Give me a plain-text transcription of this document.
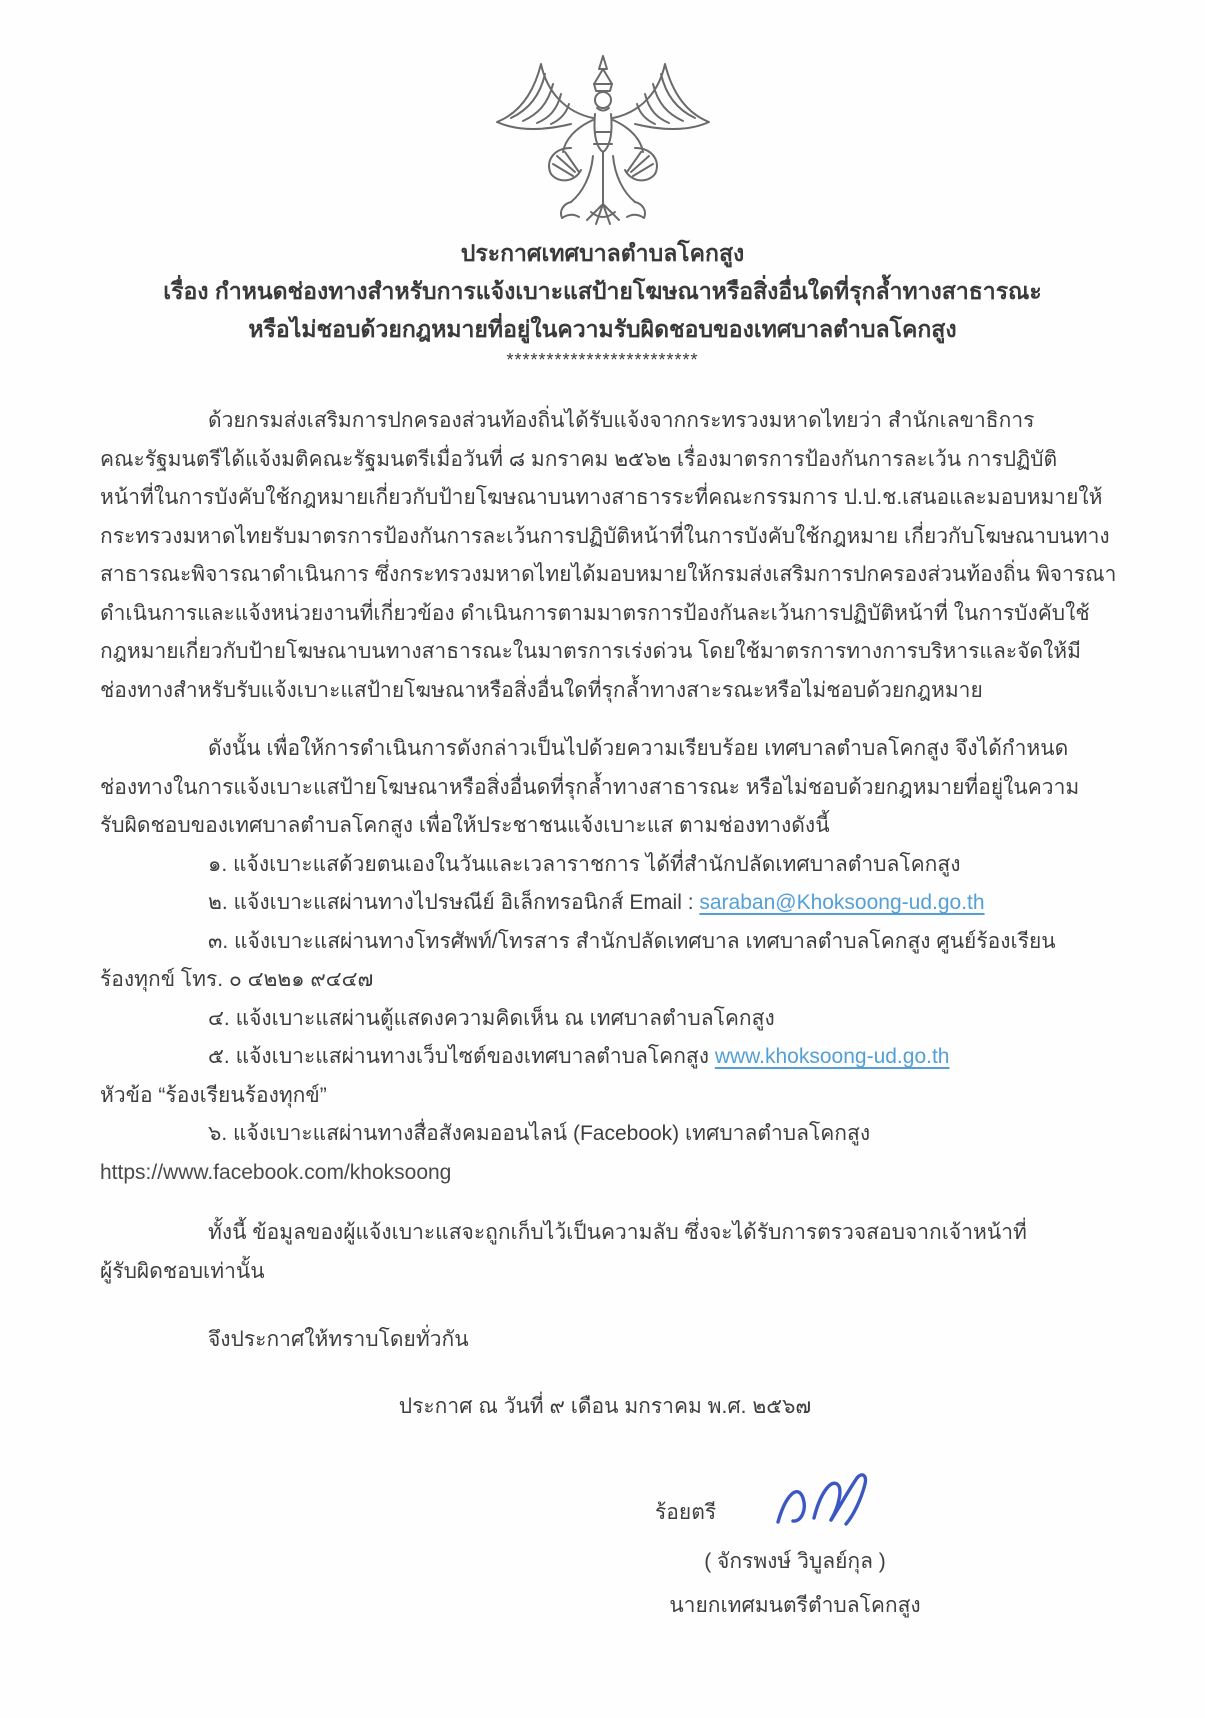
ประกาศเทศบาลตำบลโคกสูง
เรื่อง กำหนดช่องทางสำหรับการแจ้งเบาะแสป้ายโฆษณาหรือสิ่งอื่นใดที่รุกล้ำทางสาธารณะ
หรือไม่ชอบด้วยกฎหมายที่อยู่ในความรับผิดชอบของเทศบาลตำบลโคกสูง
************************
ด้วยกรมส่งเสริมการปกครองส่วนท้องถิ่นได้รับแจ้งจากกระทรวงมหาดไทยว่า สำนักเลขาธิการ
คณะรัฐมนตรีได้แจ้งมติคณะรัฐมนตรีเมื่อวันที่ ๘ มกราคม ๒๕๖๒ เรื่องมาตรการป้องกันการละเว้น การปฏิบัติ
หน้าที่ในการบังคับใช้กฎหมายเกี่ยวกับป้ายโฆษณาบนทางสาธารระที่คณะกรรมการ ป.ป.ช.เสนอและมอบหมายให้
กระทรวงมหาดไทยรับมาตรการป้องกันการละเว้นการปฏิบัติหน้าที่ในการบังคับใช้กฎหมาย เกี่ยวกับโฆษณาบนทาง
สาธารณะพิจารณาดำเนินการ ซึ่งกระทรวงมหาดไทยได้มอบหมายให้กรมส่งเสริมการปกครองส่วนท้องถิ่น พิจารณา
ดำเนินการและแจ้งหน่วยงานที่เกี่ยวข้อง ดำเนินการตามมาตรการป้องกันละเว้นการปฏิบัติหน้าที่ ในการบังคับใช้
กฎหมายเกี่ยวกับป้ายโฆษณาบนทางสาธารณะในมาตรการเร่งด่วน โดยใช้มาตรการทางการบริหารและจัดให้มี
ช่องทางสำหรับรับแจ้งเบาะแสป้ายโฆษณาหรือสิ่งอื่นใดที่รุกล้ำทางสาะรณะหรือไม่ชอบด้วยกฎหมาย
ดังนั้น เพื่อให้การดำเนินการดังกล่าวเป็นไปด้วยความเรียบร้อย เทศบาลตำบลโคกสูง จึงได้กำหนด
ช่องทางในการแจ้งเบาะแสป้ายโฆษณาหรือสิ่งอื่นดที่รุกล้ำทางสาธารณะ หรือไม่ชอบด้วยกฎหมายที่อยู่ในความ
รับผิดชอบของเทศบาลตำบลโคกสูง เพื่อให้ประชาชนแจ้งเบาะแส ตามช่องทางดังนี้
๑. แจ้งเบาะแสด้วยตนเองในวันและเวลาราชการ ได้ที่สำนักปลัดเทศบาลตำบลโคกสูง
๒. แจ้งเบาะแสผ่านทางไปรษณีย์ อิเล็กทรอนิกส์ Email : saraban@Khoksoong-ud.go.th
๓. แจ้งเบาะแสผ่านทางโทรศัพท์/โทรสาร สำนักปลัดเทศบาล เทศบาลตำบลโคกสูง ศูนย์ร้องเรียน
ร้องทุกข์ โทร. ๐ ๔๒๒๑ ๙๔๔๗
๔. แจ้งเบาะแสผ่านตู้แสดงความคิดเห็น ณ เทศบาลตำบลโคกสูง
๕. แจ้งเบาะแสผ่านทางเว็บไซต์ของเทศบาลตำบลโคกสูง www.khoksoong-ud.go.th
หัวข้อ “ร้องเรียนร้องทุกข์”
๖. แจ้งเบาะแสผ่านทางสื่อสังคมออนไลน์ (Facebook) เทศบาลตำบลโคกสูง
https://www.facebook.com/khoksoong
ทั้งนี้ ข้อมูลของผู้แจ้งเบาะแสจะถูกเก็บไว้เป็นความลับ ซึ่งจะได้รับการตรวจสอบจากเจ้าหน้าที่
ผู้รับผิดชอบเท่านั้น
จึงประกาศให้ทราบโดยทั่วกัน
ประกาศ ณ วันที่ ๙ เดือน มกราคม พ.ศ. ๒๕๖๗
ร้อยตรี
( จักรพงษ์ วิบูลย์กุล )
นายกเทศมนตรีตำบลโคกสูง
